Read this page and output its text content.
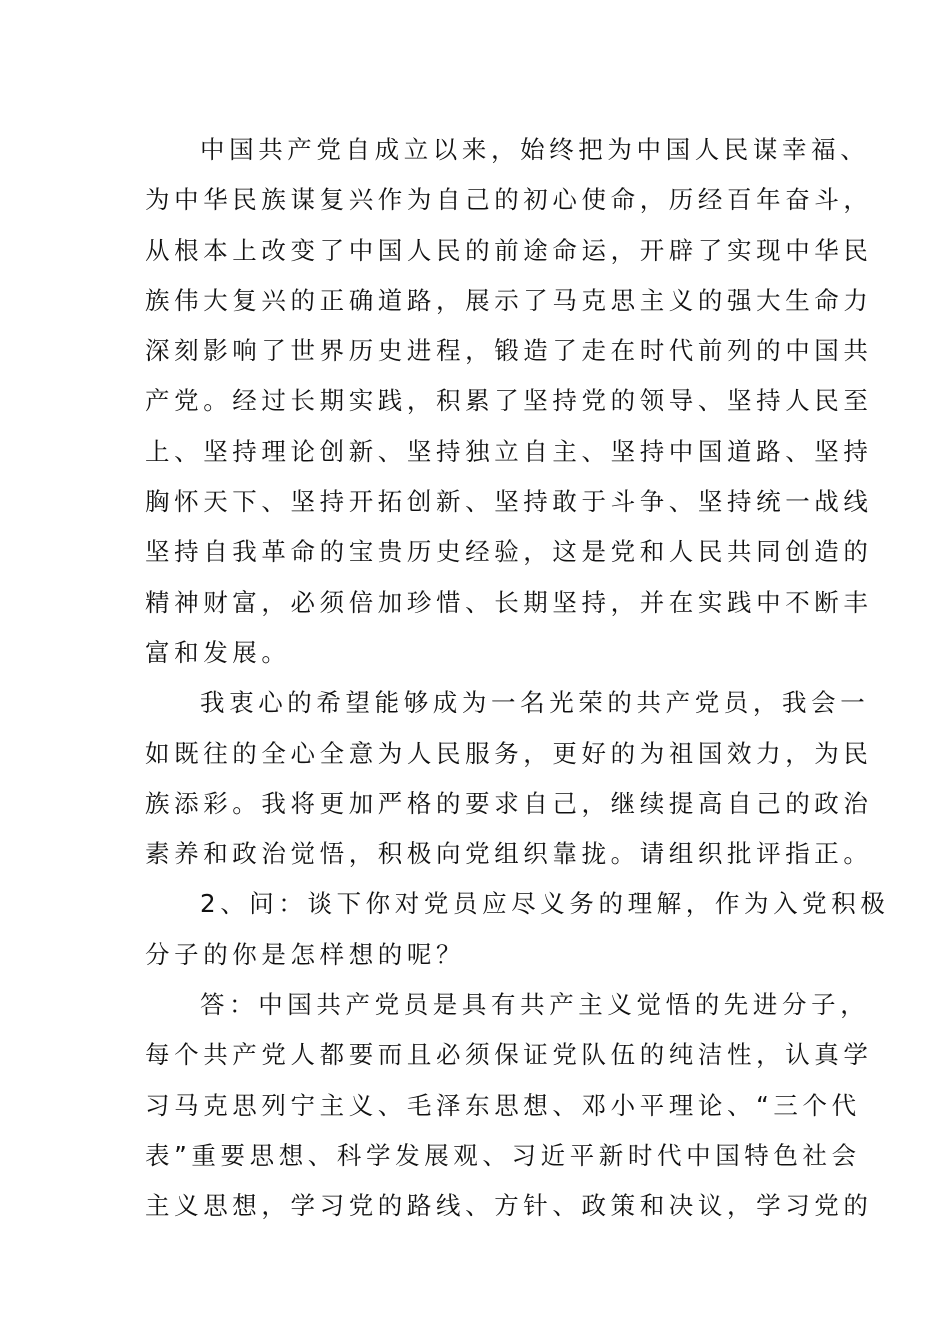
中国共产党自成立以来，始终把为中国人民谋幸福、
为中华民族谋复兴作为自己的初心使命，历经百年奋斗，
从根本上改变了中国人民的前途命运，开辟了实现中华民
族伟大复兴的正确道路，展示了马克思主义的强大生命力
深刻影响了世界历史进程，锻造了走在时代前列的中国共
产党。经过长期实践，积累了坚持党的领导、坚持人民至
上、坚持理论创新、坚持独立自主、坚持中国道路、坚持
胸怀天下、坚持开拓创新、坚持敢于斗争、坚持统一战线
坚持自我革命的宝贵历史经验，这是党和人民共同创造的
精神财富，必须倍加珍惜、长期坚持，并在实践中不断丰
富和发展。
我衷心的希望能够成为一名光荣的共产党员，我会一
如既往的全心全意为人民服务，更好的为祖国效力，为民
族添彩。我将更加严格的要求自己，继续提高自己的政治
素养和政治觉悟，积极向党组织靠拢。请组织批评指正。
2、问：谈下你对党员应尽义务的理解，作为入党积极
分子的你是怎样想的呢？
答：中国共产党员是具有共产主义觉悟的先进分子，
每个共产党人都要而且必须保证党队伍的纯洁性，认真学
习马克思列宁主义、毛泽东思想、邓小平理论、“三个代
表”重要思想、科学发展观、习近平新时代中国特色社会
主义思想，学习党的路线、方针、政策和决议，学习党的
